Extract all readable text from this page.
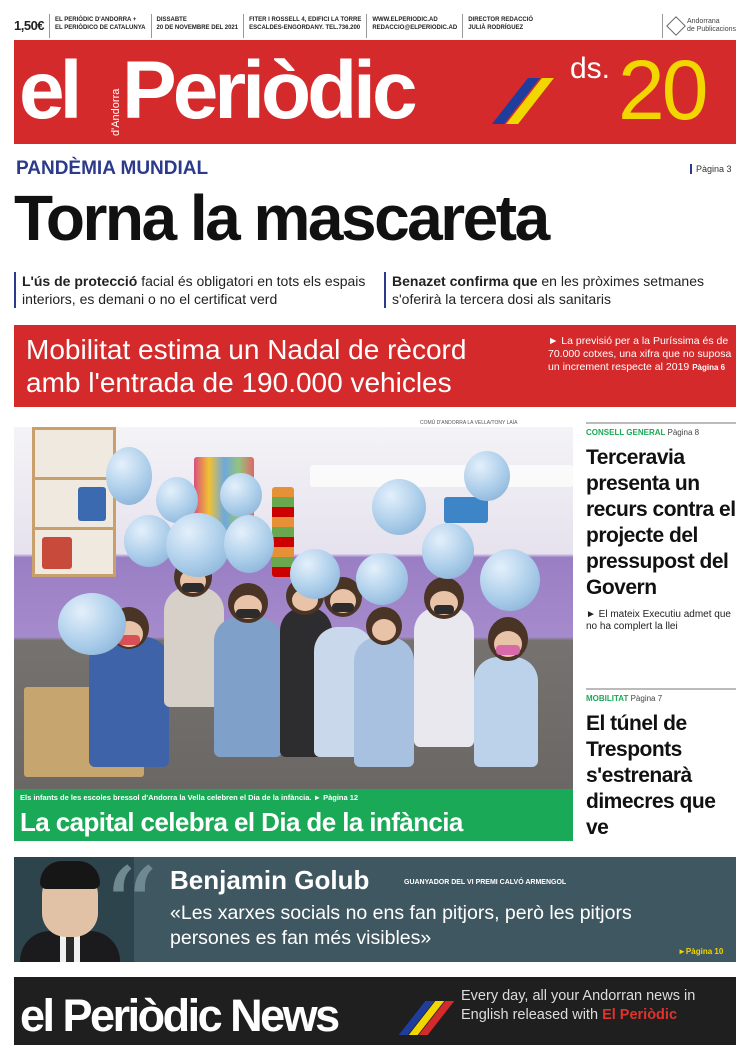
1,50€	EL PERIÒDIC D'ANDORRA +
EL PERIÒDICO DE CATALUNYA
DISSABTE
20 DE NOVEMBRE DEL 2021
FITER I ROSSELL 4, EDIFICI LA TORRE
ESCALDES-ENGORDANY. TEL.736.200
WWW.ELPERIODIC.AD
REDACCIO@ELPERIODIC.AD
DIRECTOR REDACCIÓ
JULIÀ RODRÍGUEZ
Andorrana
de Publicacions
el	d'Andorra Periòdic	ds. 20
PANDÈMIA MUNDIAL	Pàgina 3
Torna la mascareta
L'ús de protecció facial és obligatori en tots els espais interiors, es demani o no el certificat verd
Benazet confirma que en les pròximes setmanes s'oferirà la tercera dosi als sanitaris
Mobilitat estima un Nadal de rècord
amb l'entrada de 190.000 vehicles
► La previsió per a la Puríssima és de 70.000 cotxes, una xifra que no suposa un increment respecte al 2019 Pàgina 6
COMÚ D'ANDORRA LA VELLA/TONY LAÍA
Els infants de les escoles bressol d'Andorra la Vella celebren el Dia de la infància. ► Pàgina 12
La capital celebra el Dia de la infància
CONSELL GENERAL Pàgina 8
Terceravia presenta un recurs contra el projecte del pressupost del Govern
► El mateix Executiu admet que no ha complert la llei
MOBILITAT Pàgina 7
El túnel de Tresponts s'estrenarà dimecres que ve
“ Benjamin Golub	GUANYADOR DEL VI PREMI CALVÓ ARMENGOL
«Les xarxes socials no ens fan pitjors, però les pitjors persones es fan més visibles»
►Pàgina 10
el Periòdic News	Every day, all your Andorran news in English released with El Periòdic
